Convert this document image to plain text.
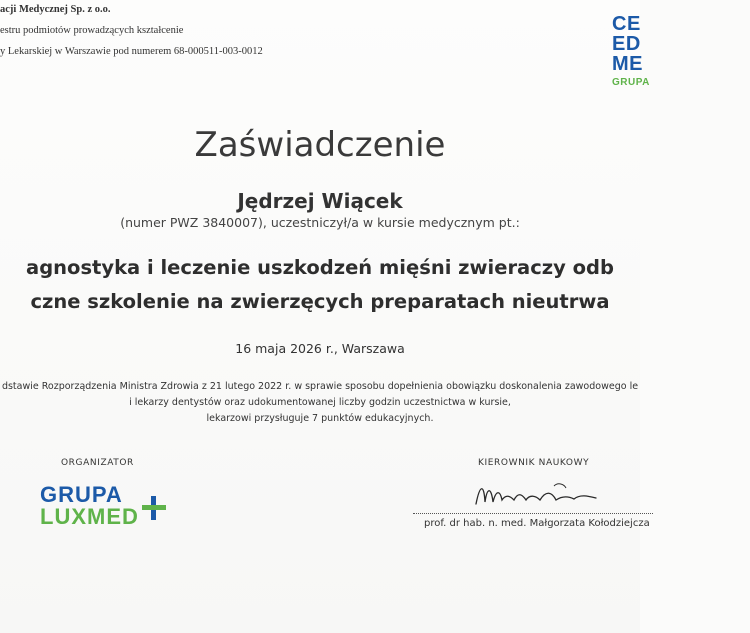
acji Medycznej Sp. z o.o.
estru podmiotów prowadzących kształcenie
y Lekarskiej w Warszawie pod numerem 68-000511-003-0012
CE
ED
ME
GRUPA
Zaświadczenie
Jędrzej Wiącek
(numer PWZ 3840007), uczestniczył/a w kursie medycznym pt.:
agnostyka i leczenie uszkodzeń mięśni zwieraczy odb
czne szkolenie na zwierzęcych preparatach nieutrwa
16 maja 2026 r., Warszawa
dstawie Rozporządzenia Ministra Zdrowia z 21 lutego 2022 r. w sprawie sposobu dopełnienia obowiązku doskonalenia zawodowego le
i lekarzy dentystów oraz udokumentowanej liczby godzin uczestnictwa w kursie,
lekarzowi przysługuje 7 punktów edukacyjnych.
ORGANIZATOR	KIEROWNIK NAUKOWY
GRUPA
LUXMED	prof. dr hab. n. med. Małgorzata Kołodziejcza
